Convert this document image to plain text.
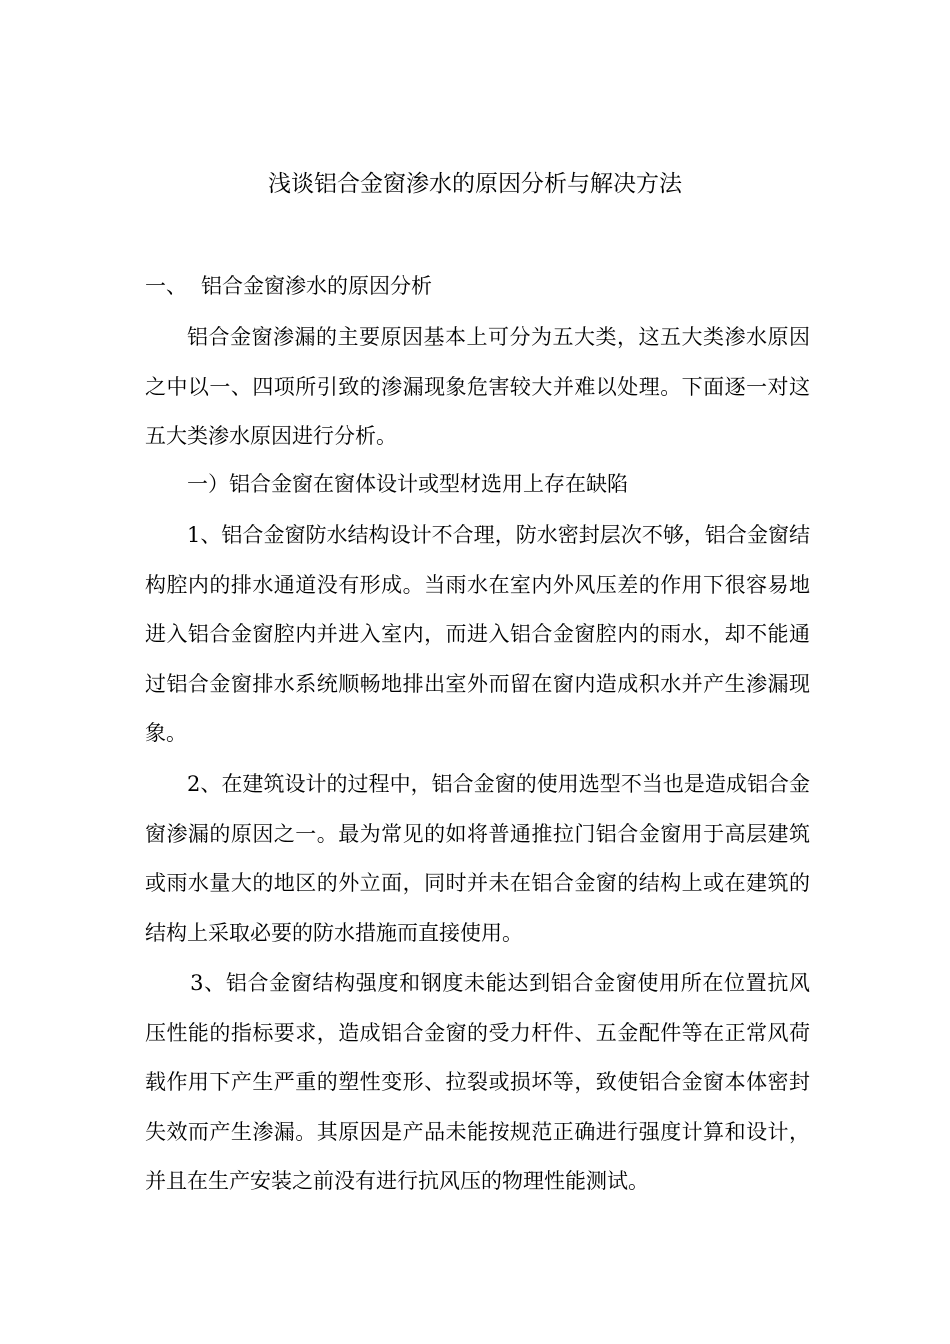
浅谈铝合金窗渗水的原因分析与解决方法
一、 铝合金窗渗水的原因分析

铝合金窗渗漏的主要原因基本上可分为五大类，这五大类渗水原因之中以一、四项所引致的渗漏现象危害较大并难以处理。下面逐一对这五大类渗水原因进行分析。

一）铝合金窗在窗体设计或型材选用上存在缺陷

1、铝合金窗防水结构设计不合理，防水密封层次不够，铝合金窗结构腔内的排水通道没有形成。当雨水在室内外风压差的作用下很容易地进入铝合金窗腔内并进入室内，而进入铝合金窗腔内的雨水，却不能通过铝合金窗排水系统顺畅地排出室外而留在窗内造成积水并产生渗漏现象。

2、在建筑设计的过程中，铝合金窗的使用选型不当也是造成铝合金窗渗漏的原因之一。最为常见的如将普通推拉门铝合金窗用于高层建筑或雨水量大的地区的外立面，同时并未在铝合金窗的结构上或在建筑的结构上采取必要的防水措施而直接使用。

3、铝合金窗结构强度和钢度未能达到铝合金窗使用所在位置抗风压性能的指标要求，造成铝合金窗的受力杆件、五金配件等在正常风荷载作用下产生严重的塑性变形、拉裂或损坏等，致使铝合金窗本体密封失效而产生渗漏。其原因是产品未能按规范正确进行强度计算和设计，并且在生产安装之前没有进行抗风压的物理性能测试。
